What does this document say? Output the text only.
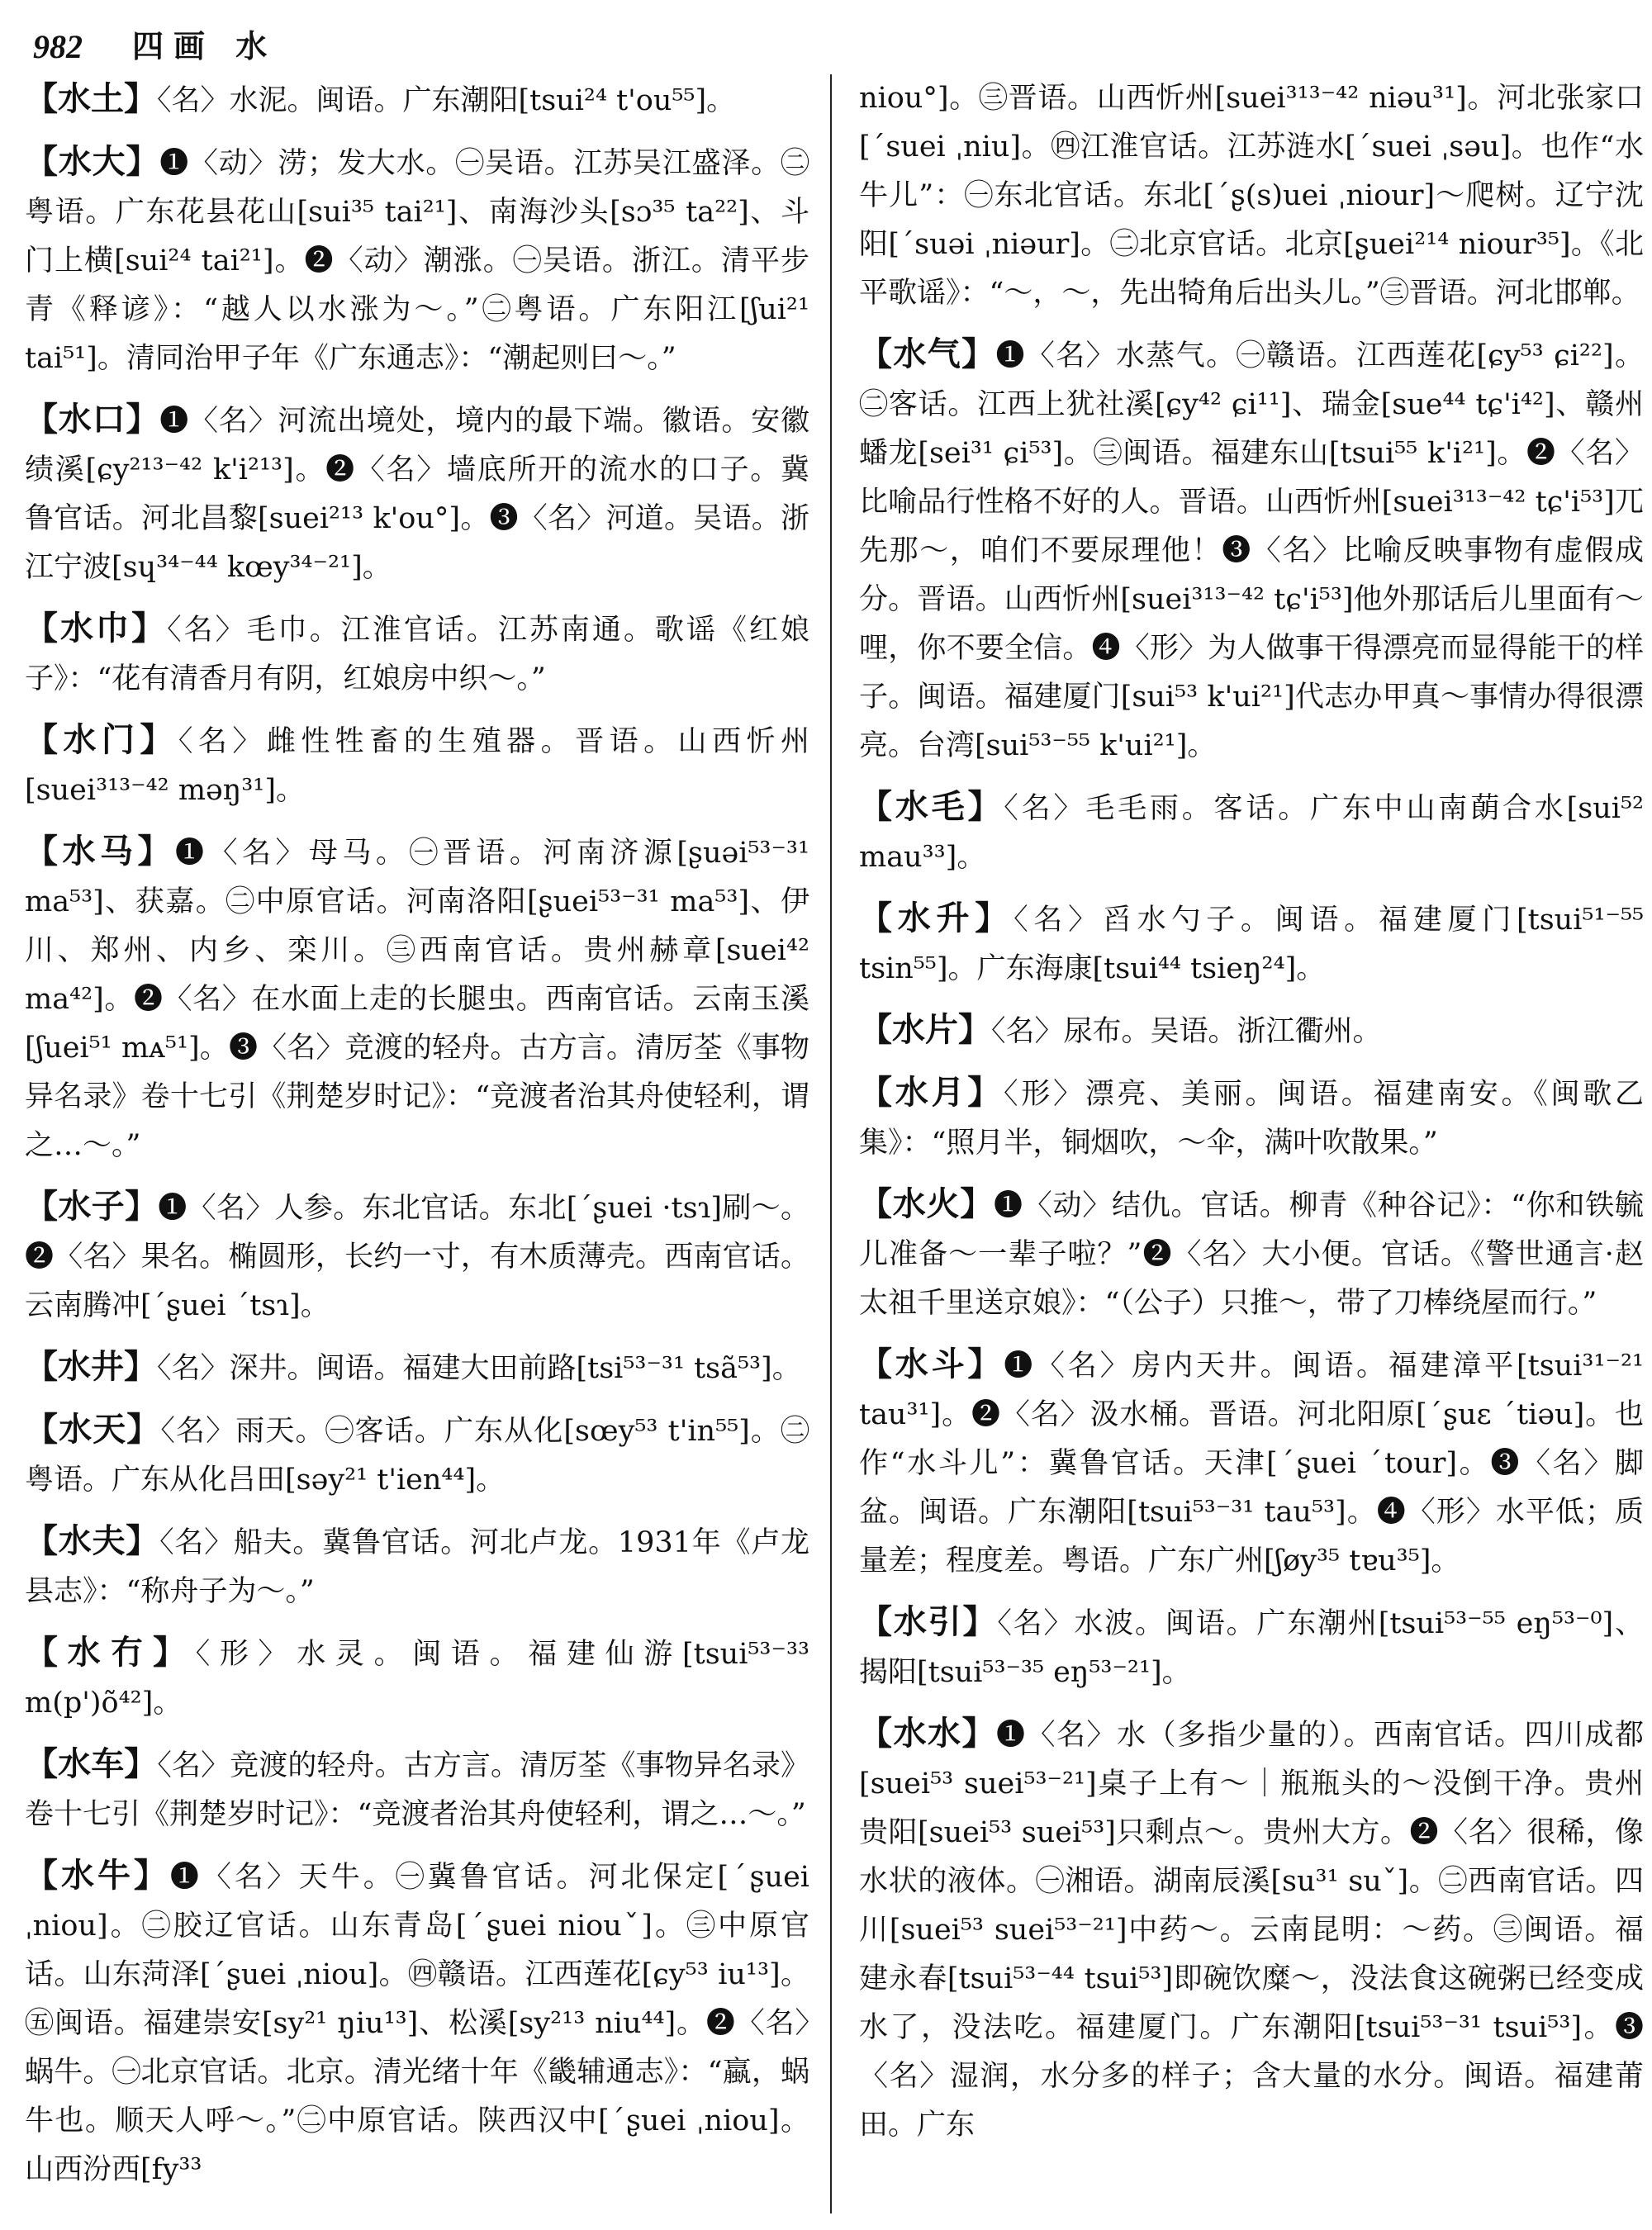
982 四画 水

【水土】〈名〉水泥。闽语。广东潮阳[tsui²⁴ t'ou⁵⁵]。

【水大】❶〈动〉涝；发大水。㊀吴语。江苏吴江盛泽。㊁粤语。广东花县花山[sui³⁵ tai²¹]、南海沙头[sɔ³⁵ ta²²]、斗门上横[sui²⁴ tai²¹]。❷〈动〉潮涨。㊀吴语。浙江。清平步青《释谚》：“越人以水涨为～。”㊁粤语。广东阳江[ʃui²¹ tai⁵¹]。清同治甲子年《广东通志》：“潮起则曰～。”

【水口】❶〈名〉河流出境处，境内的最下端。徽语。安徽绩溪[ɕy²¹³⁻⁴² k'i²¹³]。❷〈名〉墙底所开的流水的口子。冀鲁官话。河北昌黎[suei²¹³ k'ou°]。❸〈名〉河道。吴语。浙江宁波[sɥ³⁴⁻⁴⁴ kœy³⁴⁻²¹]。

【水巾】〈名〉毛巾。江淮官话。江苏南通。歌谣《红娘子》：“花有清香月有阴，红娘房中织～。”

【水门】〈名〉雌性牲畜的生殖器。晋语。山西忻州[suei³¹³⁻⁴² məŋ³¹]。

【水马】❶〈名〉母马。㊀晋语。河南济源[ʂuəi⁵³⁻³¹ ma⁵³]、获嘉。㊁中原官话。河南洛阳[ʂuei⁵³⁻³¹ ma⁵³]、伊川、郑州、内乡、栾川。㊂西南官话。贵州赫章[suei⁴² ma⁴²]。❷〈名〉在水面上走的长腿虫。西南官话。云南玉溪[ʃuei⁵¹ mᴀ⁵¹]。❸〈名〉竞渡的轻舟。古方言。清厉荃《事物异名录》卷十七引《荆楚岁时记》：“竞渡者治其舟使轻利，谓之…～。”

【水子】❶〈名〉人参。东北官话。东北[ˊʂuei ·tsɿ]刷～。❷〈名〉果名。椭圆形，长约一寸，有木质薄壳。西南官话。云南腾冲[ˊʂuei ˊtsɿ]。

【水井】〈名〉深井。闽语。福建大田前路[tsi⁵³⁻³¹ tsã⁵³]。

【水天】〈名〉雨天。㊀客话。广东从化[sœy⁵³ t'in⁵⁵]。㊁粤语。广东从化吕田[səy²¹ t'ien⁴⁴]。

【水夫】〈名〉船夫。冀鲁官话。河北卢龙。1931年《卢龙县志》：“称舟子为～。”

【水冇】〈形〉水灵。闽语。福建仙游[tsui⁵³⁻³³ m(p')õ⁴²]。

【水车】〈名〉竞渡的轻舟。古方言。清厉荃《事物异名录》卷十七引《荆楚岁时记》：“竞渡者治其舟使轻利，谓之…～。”

【水牛】❶〈名〉天牛。㊀冀鲁官话。河北保定[ˊʂuei ˌniou]。㊁胶辽官话。山东青岛[ˊʂuei niouˇ]。㊂中原官话。山东菏泽[ˊʂuei ˌniou]。㊃赣语。江西莲花[ɕy⁵³ iu¹³]。㊄闽语。福建崇安[sy²¹ ŋiu¹³]、松溪[sy²¹³ niu⁴⁴]。❷〈名〉蜗牛。㊀北京官话。北京。清光绪十年《畿辅通志》：“蠃，蜗牛也。顺天人呼～。”㊁中原官话。陕西汉中[ˊʂuei ˌniou]。山西汾西[fy³³

niou°]。㊂晋语。山西忻州[suei³¹³⁻⁴² niəu³¹]。河北张家口[ˊsuei ˌniu]。㊃江淮官话。江苏涟水[ˊsuei ˌsəu]。也作“水牛儿”：㊀东北官话。东北[ˊʂ(s)uei ˌniour]～爬树。辽宁沈阳[ˊsuəi ˌniəur]。㊁北京官话。北京[ʂuei²¹⁴ niour³⁵]。《北平歌谣》：“～，～，先出犄角后出头儿。”㊂晋语。河北邯郸。

【水气】❶〈名〉水蒸气。㊀赣语。江西莲花[ɕy⁵³ ɕi²²]。㊁客话。江西上犹社溪[ɕy⁴² ɕi¹¹]、瑞金[sue⁴⁴ tɕ'i⁴²]、赣州蟠龙[sei³¹ ɕi⁵³]。㊂闽语。福建东山[tsui⁵⁵ k'i²¹]。❷〈名〉比喻品行性格不好的人。晋语。山西忻州[suei³¹³⁻⁴² tɕ'i⁵³]兀先那～，咱们不要尿理他！❸〈名〉比喻反映事物有虚假成分。晋语。山西忻州[suei³¹³⁻⁴² tɕ'i⁵³]他外那话后儿里面有～哩，你不要全信。❹〈形〉为人做事干得漂亮而显得能干的样子。闽语。福建厦门[sui⁵³ k'ui²¹]代志办甲真～事情办得很漂亮。台湾[sui⁵³⁻⁵⁵ k'ui²¹]。

【水毛】〈名〉毛毛雨。客话。广东中山南蓢合水[sui⁵² mau³³]。

【水升】〈名〉舀水勺子。闽语。福建厦门[tsui⁵¹⁻⁵⁵ tsin⁵⁵]。广东海康[tsui⁴⁴ tsieŋ²⁴]。

【水片】〈名〉尿布。吴语。浙江衢州。

【水月】〈形〉漂亮、美丽。闽语。福建南安。《闽歌乙集》：“照月半，铜烟吹，～伞，满叶吹散果。”

【水火】❶〈动〉结仇。官话。柳青《种谷记》：“你和铁毓儿准备～一辈子啦？”❷〈名〉大小便。官话。《警世通言·赵太祖千里送京娘》：“（公子）只推～，带了刀棒绕屋而行。”

【水斗】❶〈名〉房内天井。闽语。福建漳平[tsui³¹⁻²¹ tau³¹]。❷〈名〉汲水桶。晋语。河北阳原[ˊʂuɛ ˊtiəu]。也作“水斗儿”：冀鲁官话。天津[ˊʂuei ˊtour]。❸〈名〉脚盆。闽语。广东潮阳[tsui⁵³⁻³¹ tau⁵³]。❹〈形〉水平低；质量差；程度差。粤语。广东广州[ʃøy³⁵ tɐu³⁵]。

【水引】〈名〉水波。闽语。广东潮州[tsui⁵³⁻⁵⁵ eŋ⁵³⁻⁰]、揭阳[tsui⁵³⁻³⁵ eŋ⁵³⁻²¹]。

【水水】❶〈名〉水（多指少量的）。西南官话。四川成都[suei⁵³ suei⁵³⁻²¹]桌子上有～｜瓶瓶头的～没倒干净。贵州贵阳[suei⁵³ suei⁵³]只剩点～。贵州大方。❷〈名〉很稀，像水状的液体。㊀湘语。湖南辰溪[su³¹ suˇ]。㊁西南官话。四川[suei⁵³ suei⁵³⁻²¹]中药～。云南昆明：～药。㊂闽语。福建永春[tsui⁵³⁻⁴⁴ tsui⁵³]即碗饮糜～，没法食这碗粥已经变成水了，没法吃。福建厦门。广东潮阳[tsui⁵³⁻³¹ tsui⁵³]。❸〈名〉湿润，水分多的样子；含大量的水分。闽语。福建莆田。广东
